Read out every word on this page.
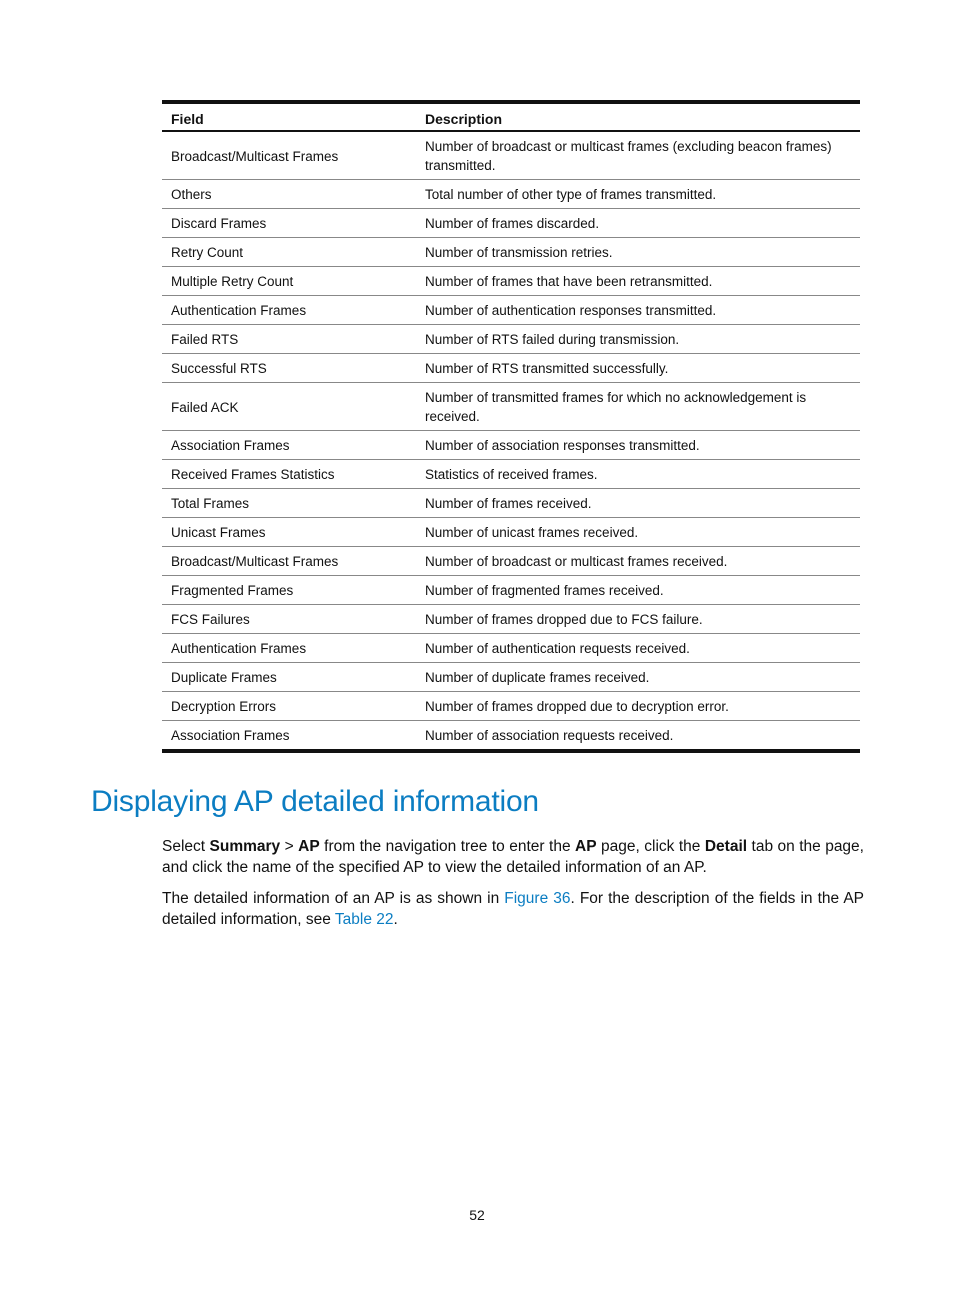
Field	Description
Broadcast/Multicast Frames	Number of broadcast or multicast frames (excluding beacon frames) transmitted.
Others	Total number of other type of frames transmitted.
Discard Frames	Number of frames discarded.
Retry Count	Number of transmission retries.
Multiple Retry Count	Number of frames that have been retransmitted.
Authentication Frames	Number of authentication responses transmitted.
Failed RTS	Number of RTS failed during transmission.
Successful RTS	Number of RTS transmitted successfully.
Failed ACK	Number of transmitted frames for which no acknowledgement is received.
Association Frames	Number of association responses transmitted.
Received Frames Statistics	Statistics of received frames.
Total Frames	Number of frames received.
Unicast Frames	Number of unicast frames received.
Broadcast/Multicast Frames	Number of broadcast or multicast frames received.
Fragmented Frames	Number of fragmented frames received.
FCS Failures	Number of frames dropped due to FCS failure.
Authentication Frames	Number of authentication requests received.
Duplicate Frames	Number of duplicate frames received.
Decryption Errors	Number of frames dropped due to decryption error.
Association Frames	Number of association requests received.
Displaying AP detailed information

Select Summary > AP from the navigation tree to enter the AP page, click the Detail tab on the page, and click the name of the specified AP to view the detailed information of an AP.

The detailed information of an AP is as shown in Figure 36. For the description of the fields in the AP detailed information, see Table 22.

52
